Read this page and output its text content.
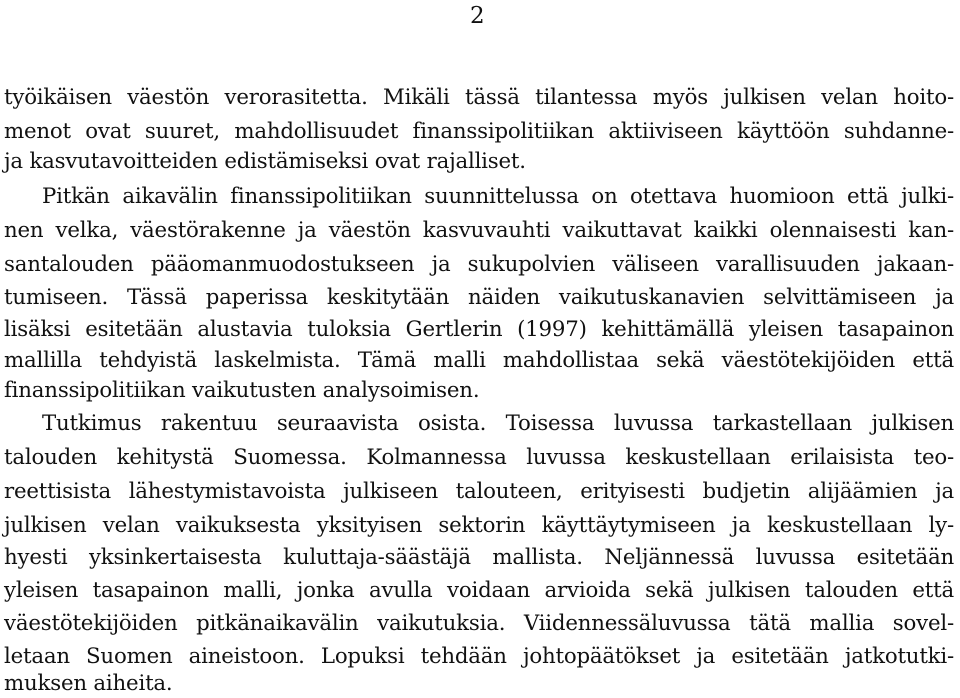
2
työikäisen väestön verorasitetta. Mikäli tässä tilantessa myös julkisen velan hoito-
menot ovat suuret, mahdollisuudet finanssipolitiikan aktiiviseen käyttöön suhdanne-
ja kasvutavoitteiden edistämiseksi ovat rajalliset.
Pitkän aikavälin finanssipolitiikan suunnittelussa on otettava huomioon että julki-
nen velka, väestörakenne ja väestön kasvuvauhti vaikuttavat kaikki olennaisesti kan-
santalouden pääomanmuodostukseen ja sukupolvien väliseen varallisuuden jakaan-
tumiseen. Tässä paperissa keskitytään näiden vaikutuskanavien selvittämiseen ja
lisäksi esitetään alustavia tuloksia Gertlerin (1997) kehittämällä yleisen tasapainon
mallilla tehdyistä laskelmista. Tämä malli mahdollistaa sekä väestötekijöiden että
finanssipolitiikan vaikutusten analysoimisen.
Tutkimus rakentuu seuraavista osista. Toisessa luvussa tarkastellaan julkisen
talouden kehitystä Suomessa. Kolmannessa luvussa keskustellaan erilaisista teo-
reettisista lähestymistavoista julkiseen talouteen, erityisesti budjetin alijäämien ja
julkisen velan vaikuksesta yksityisen sektorin käyttäytymiseen ja keskustellaan ly-
hyesti yksinkertaisesta kuluttaja-säästäjä mallista. Neljännessä luvussa esitetään
yleisen tasapainon malli, jonka avulla voidaan arvioida sekä julkisen talouden että
väestötekijöiden pitkänaikavälin vaikutuksia. Viidennessäluvussa tätä mallia sovel-
letaan Suomen aineistoon. Lopuksi tehdään johtopäätökset ja esitetään jatkotutki-
muksen aiheita.
